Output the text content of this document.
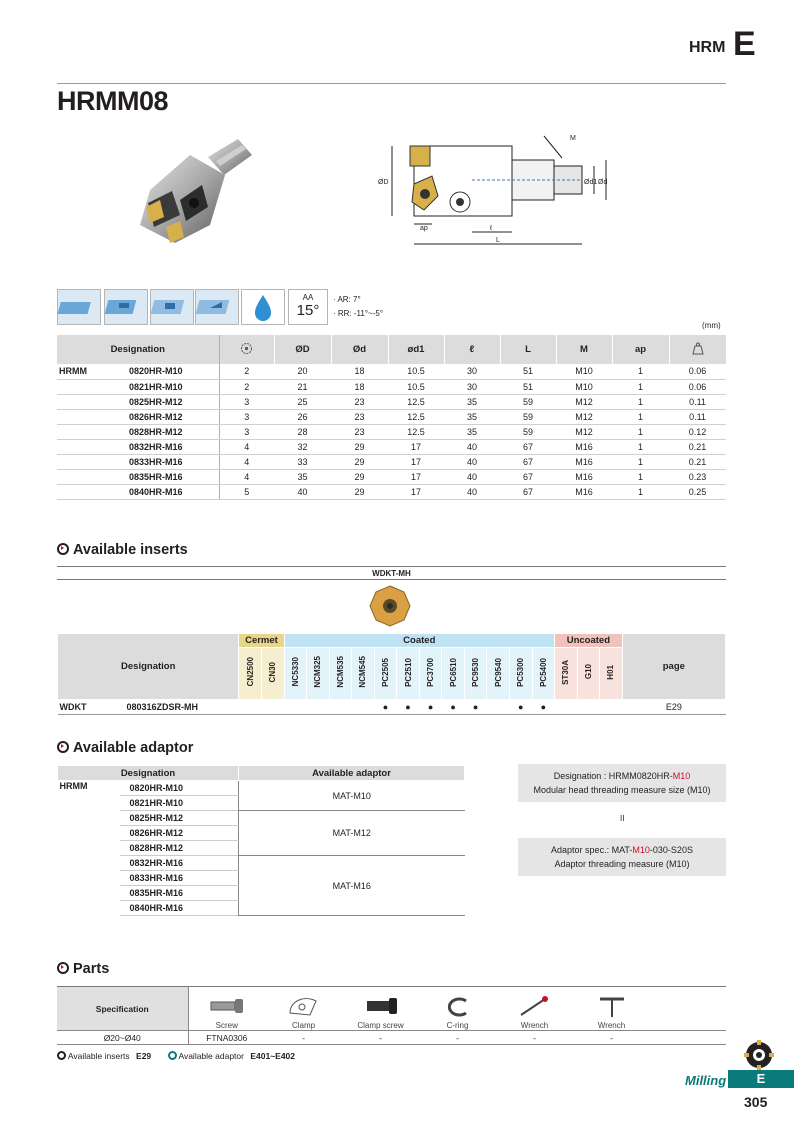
HRM E
HRMM08
M
ØD	Ød1 Ød
ap	ℓ
L
AA
15°
· AR: 7°
· RR: -11°~-5°
(mm)
Designation			ØD	Ød	ød1	ℓ	L	M	ap	
HRMM	0820HR-M10	2	20	18	10.5	30	51	M10	1	0.06
	0821HR-M10	2	21	18	10.5	30	51	M10	1	0.06
	0825HR-M12	3	25	23	12.5	35	59	M12	1	0.11
	0826HR-M12	3	26	23	12.5	35	59	M12	1	0.11
	0828HR-M12	3	28	23	12.5	35	59	M12	1	0.12
	0832HR-M16	4	32	29	17	40	67	M16	1	0.21
	0833HR-M16	4	33	29	17	40	67	M16	1	0.21
	0835HR-M16	4	35	29	17	40	67	M16	1	0.23
	0840HR-M16	5	40	29	17	40	67	M16	1	0.25
Available inserts
WDKT-MH
Designation	Cermet		Coated												Uncoated			page
	CN2500	CN30	NC5330	NCM325	NCM535	NCM545	PC2505	PC2510	PC3700	PC6510	PC9530	PC9540	PC5300	PC5400	ST30A	G10	H01	
WDKT 080316ZDSR-MH							●	●	●	●	●		●	●				E29
Available adaptor
Designation		Available adaptor
HRMM	0820HR-M10	MAT-M10
	0821HR-M10	
	0825HR-M12	MAT-M12
	0826HR-M12	
	0828HR-M12	
	0832HR-M16	MAT-M16
	0833HR-M16	
	0835HR-M16	
	0840HR-M16	
Designation : HRMM0820HR-M10
Modular head threading measure size (M10)
II
Adaptor spec.: MAT-M10-030-S20S
Adaptor threading measure (M10)
Parts
Specification	Screw	Clamp	Clamp screw	C-ring	Wrench	Wrench	

Ø20~Ø40	FTNA0306	-	-	-	-	-	
Available inserts E29	Available adaptor E401~E402
Milling	E
305
